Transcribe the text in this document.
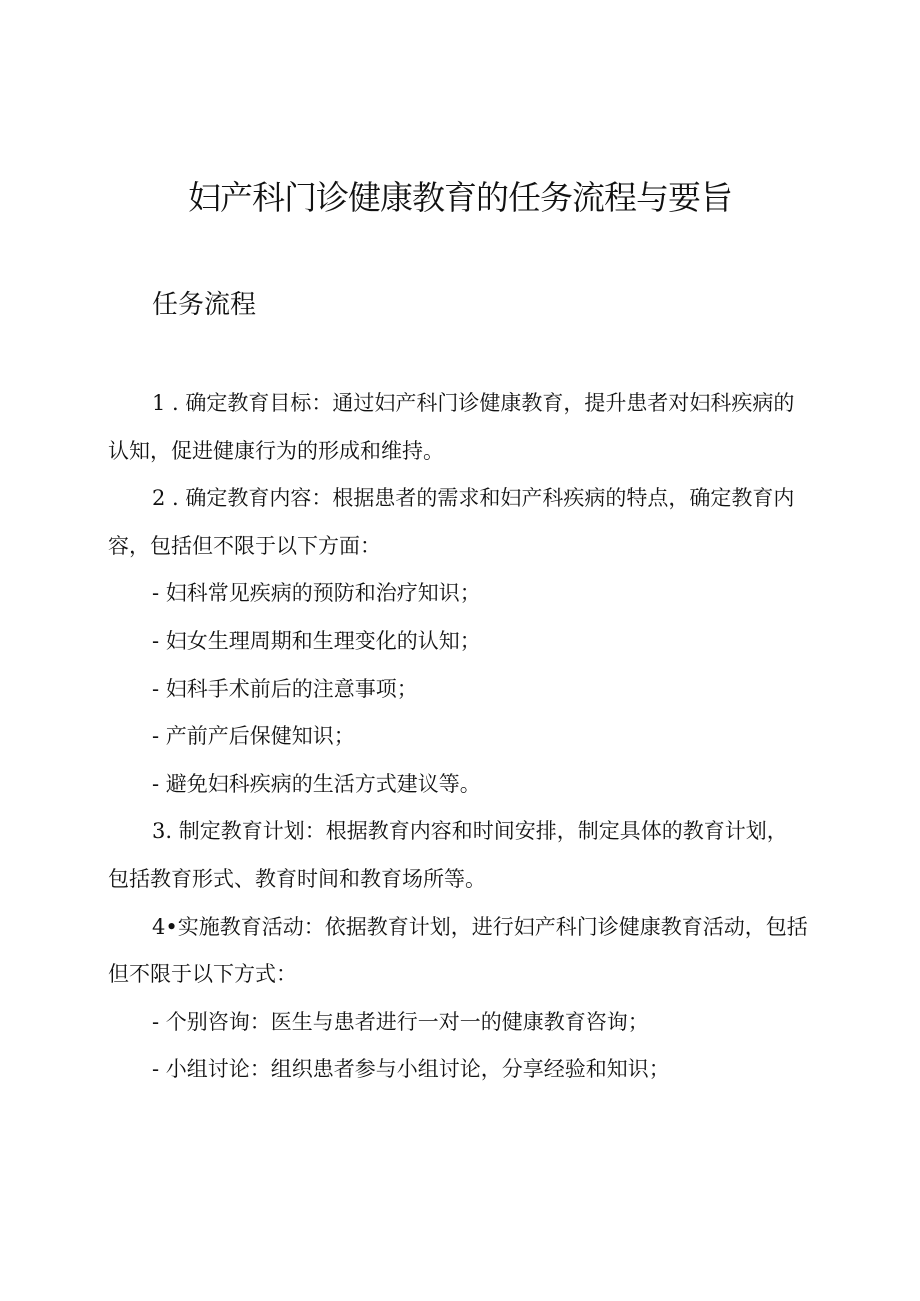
妇产科门诊健康教育的任务流程与要旨
任务流程

1 . 确定教育目标：通过妇产科门诊健康教育，提升患者对妇科疾病的认知，促进健康行为的形成和维持。

2 . 确定教育内容：根据患者的需求和妇产科疾病的特点，确定教育内容，包括但不限于以下方面：

- 妇科常见疾病的预防和治疗知识；

- 妇女生理周期和生理变化的认知；

- 妇科手术前后的注意事项；

- 产前产后保健知识；

- 避免妇科疾病的生活方式建议等。

3. 制定教育计划：根据教育内容和时间安排，制定具体的教育计划，包括教育形式、教育时间和教育场所等。

4•实施教育活动：依据教育计划，进行妇产科门诊健康教育活动，包括但不限于以下方式：

- 个别咨询：医生与患者进行一对一的健康教育咨询；

- 小组讨论：组织患者参与小组讨论，分享经验和知识；
